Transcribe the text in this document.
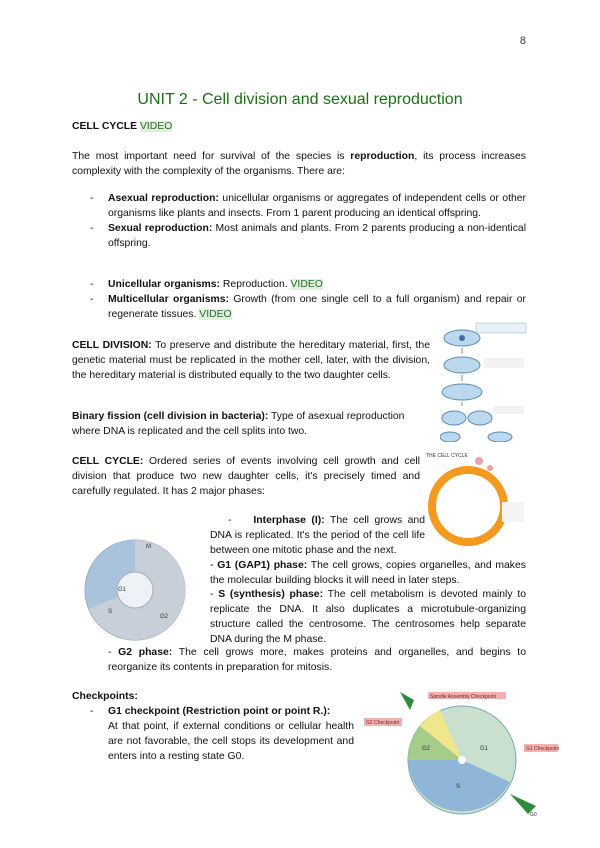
8
UNIT 2 - Cell division and sexual reproduction
CELL CYCLE VIDEO
The most important need for survival of the species is reproduction, its process increases complexity with the complexity of the organisms. There are:
- Asexual reproduction: unicellular organisms or aggregates of independent cells or other organisms like plants and insects. From 1 parent producing an identical offspring.
- Sexual reproduction: Most animals and plants. From 2 parents producing a non-identical offspring.
- Unicellular organisms: Reproduction. VIDEO
- Multicellular organisms: Growth (from one single cell to a full organism) and repair or regenerate tissues. VIDEO
CELL DIVISION: To preserve and distribute the hereditary material, first, the genetic material must be replicated in the mother cell, later, with the division, the hereditary material is distributed equally to the two daughter cells.
Binary fission (cell division in bacteria): Type of asexual reproduction where DNA is replicated and the cell splits into two.
CELL CYCLE: Ordered series of events involving cell growth and cell division that produce two new daughter cells, it's precisely timed and carefully regulated. It has 2 major phases:
-    Interphase (I): The cell grows and DNA is replicated. It's the period of the cell life between one mitotic phase and the next.
- G1 (GAP1) phase: The cell grows, copies organelles, and makes the molecular building blocks it will need in later steps.
- S (synthesis) phase: The cell metabolism is devoted mainly to replicate the DNA. It also duplicates a microtubule-organizing structure called the centrosome. The centrosomes help separate DNA during the M phase.
- G2 phase: The cell grows more, makes proteins and organelles, and begins to reorganize its contents in preparation for mitosis.
Checkpoints:
- G1 checkpoint (Restriction point or point R.):
At that point, if external conditions or cellular health are not favorable, the cell stops its development and enters into a resting state G0.
THE CELL CYCLE
G1
S
G2
M
Spindle Assembly Checkpoint
G2 Checkpoint
G1 Checkpoint
G2	G1
S
G0
